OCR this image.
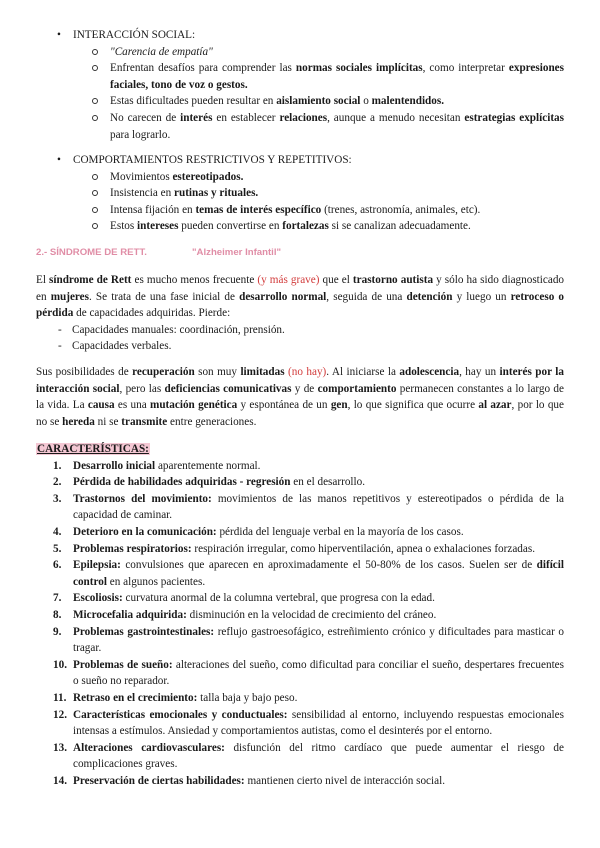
• INTERACCIÓN SOCIAL:
"Carencia de empatía"
Enfrentan desafíos para comprender las normas sociales implícitas, como interpretar expresiones faciales, tono de voz o gestos.
Estas dificultades pueden resultar en aislamiento social o malentendidos.
No carecen de interés en establecer relaciones, aunque a menudo necesitan estrategias explícitas para lograrlo.
• COMPORTAMIENTOS RESTRICTIVOS Y REPETITIVOS:
Movimientos estereotipados.
Insistencia en rutinas y rituales.
Intensa fijación en temas de interés específico (trenes, astronomía, animales, etc).
Estos intereses pueden convertirse en fortalezas si se canalizan adecuadamente.
2.- SÍNDROME DE RETT.	"Alzheimer Infantil"

El síndrome de Rett es mucho menos frecuente (y más grave) que el trastorno autista y sólo ha sido diagnosticado en mujeres. Se trata de una fase inicial de desarrollo normal, seguida de una detención y luego un retroceso o pérdida de capacidades adquiridas. Pierde:

- Capacidades manuales: coordinación, prensión.
- Capacidades verbales.

Sus posibilidades de recuperación son muy limitadas (no hay). Al iniciarse la adolescencia, hay un interés por la interacción social, pero las deficiencias comunicativas y de comportamiento permanecen constantes a lo largo de la vida. La causa es una mutación genética y espontánea de un gen, lo que significa que ocurre al azar, por lo que no se hereda ni se transmite entre generaciones.

CARACTERÍSTICAS:
1. Desarrollo inicial aparentemente normal.
2. Pérdida de habilidades adquiridas - regresión en el desarrollo.
3. Trastornos del movimiento: movimientos de las manos repetitivos y estereotipados o pérdida de la capacidad de caminar.
4. Deterioro en la comunicación: pérdida del lenguaje verbal en la mayoría de los casos.
5. Problemas respiratorios: respiración irregular, como hiperventilación, apnea o exhalaciones forzadas.
6. Epilepsia: convulsiones que aparecen en aproximadamente el 50-80% de los casos. Suelen ser de difícil control en algunos pacientes.
7. Escoliosis: curvatura anormal de la columna vertebral, que progresa con la edad.
8. Microcefalia adquirida: disminución en la velocidad de crecimiento del cráneo.
9. Problemas gastrointestinales: reflujo gastroesofágico, estreñimiento crónico y dificultades para masticar o tragar.
10. Problemas de sueño: alteraciones del sueño, como dificultad para conciliar el sueño, despertares frecuentes o sueño no reparador.
11. Retraso en el crecimiento: talla baja y bajo peso.
12. Características emocionales y conductuales: sensibilidad al entorno, incluyendo respuestas emocionales intensas a estímulos. Ansiedad y comportamientos autistas, como el desinterés por el entorno.
13. Alteraciones cardiovasculares: disfunción del ritmo cardíaco que puede aumentar el riesgo de complicaciones graves.
14. Preservación de ciertas habilidades: mantienen cierto nivel de interacción social.
